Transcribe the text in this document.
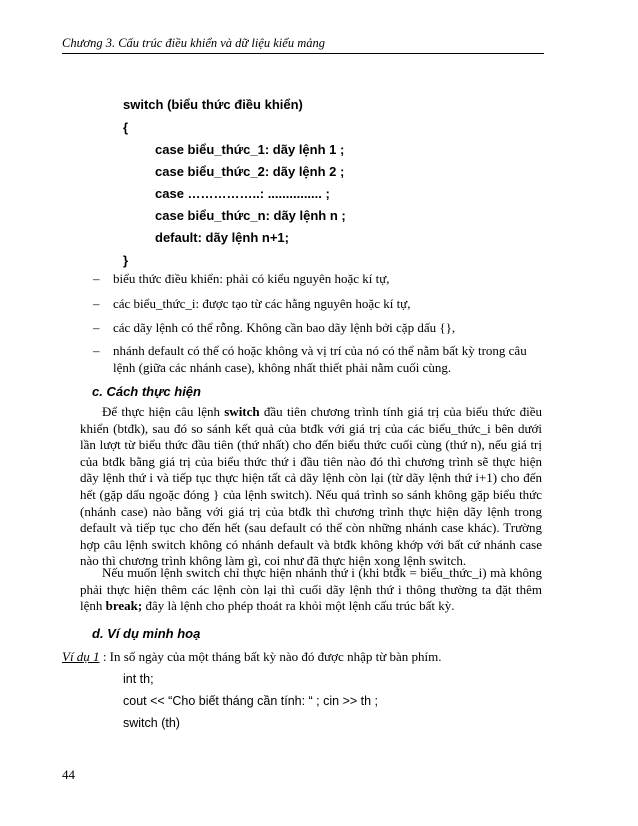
Chương 3. Cấu trúc điều khiển và dữ liệu kiểu mảng
switch (biểu thức điều khiển)
{
case biểu_thức_1: dãy lệnh 1 ;
case biểu_thức_2: dãy lệnh 2 ;
case ……………..: ............... ;
case biểu_thức_n: dãy lệnh n ;
default: dãy lệnh n+1;
}
– biểu thức điều khiển: phải có kiểu nguyên hoặc kí tự,
– các biểu_thức_i: được tạo từ các hằng nguyên hoặc kí tự,
– các dãy lệnh có thể rỗng. Không cần bao dãy lệnh bởi cặp dấu {},
– nhánh default có thể có hoặc không và vị trí của nó có thể nằm bất kỳ trong câu lệnh (giữa các nhánh case), không nhất thiết phải nằm cuối cùng.
c. Cách thực hiện

Để thực hiện câu lệnh switch đầu tiên chương trình tính giá trị của biểu thức điều khiển (btđk), sau đó so sánh kết quả của btđk với giá trị của các biểu_thức_i bên dưới lần lượt từ biểu thức đầu tiên (thứ nhất) cho đến biểu thức cuối cùng (thứ n), nếu giá trị của btđk bằng giá trị của biểu thức thứ i đầu tiên nào đó thì chương trình sẽ thực hiện dãy lệnh thứ i và tiếp tục thực hiện tất cả dãy lệnh còn lại (từ dãy lệnh thứ i+1) cho đến hết (gặp dấu ngoặc đóng } của lệnh switch). Nếu quá trình so sánh không gặp biểu thức (nhánh case) nào bằng với giá trị của btđk thì chương trình thực hiện dãy lệnh trong default và tiếp tục cho đến hết (sau default có thể còn những nhánh case khác). Trường hợp câu lệnh switch không có nhánh default và btđk không khớp với bất cứ nhánh case nào thì chương trình không làm gì, coi như đã thực hiện xong lệnh switch.

Nếu muốn lệnh switch chỉ thực hiện nhánh thứ i (khi btđk = biểu_thức_i) mà không phải thực hiện thêm các lệnh còn lại thì cuối dãy lệnh thứ i thông thường ta đặt thêm lệnh break; đây là lệnh cho phép thoát ra khỏi một lệnh cấu trúc bất kỳ.

d. Ví dụ minh hoạ
Ví dụ 1 : In số ngày của một tháng bất kỳ nào đó được nhập từ bàn phím.
int th;
cout << “Cho biết tháng cần tính: “ ; cin >> th ;
switch (th)
44
